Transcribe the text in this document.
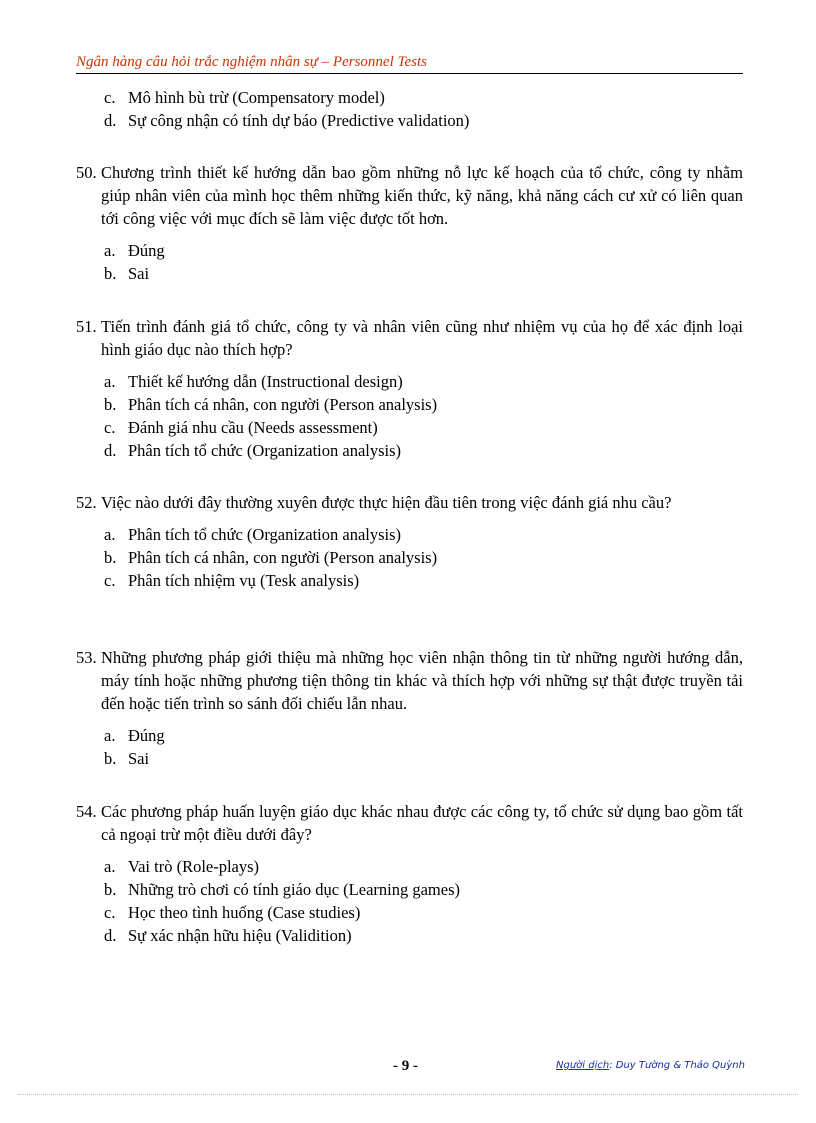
Ngân hàng câu hỏi trắc nghiệm nhân sự – Personnel Tests
c. Mô hình bù trừ (Compensatory model)
d. Sự công nhận có tính dự báo (Predictive validation)
50. Chương trình thiết kế hướng dẫn bao gồm những nỗ lực kế hoạch của tổ chức, công ty nhằm giúp nhân viên của mình học thêm những kiến thức, kỹ năng, khả năng cách cư xử có liên quan tới công việc với mục đích sẽ làm việc được tốt hơn.
a. Đúng
b. Sai
51. Tiến trình đánh giá tổ chức, công ty và nhân viên cũng như nhiệm vụ của họ để xác định loại hình giáo dục nào thích hợp?
a. Thiết kế hướng dẫn (Instructional design)
b. Phân tích cá nhân, con người (Person analysis)
c. Đánh giá nhu cầu (Needs assessment)
d. Phân tích tổ chức (Organization analysis)
52. Việc nào dưới đây thường xuyên được thực hiện đầu tiên trong việc đánh giá nhu cầu?
a. Phân tích tổ chức (Organization analysis)
b. Phân tích cá nhân, con người (Person analysis)
c. Phân tích nhiệm vụ (Tesk analysis)
53. Những phương pháp giới thiệu mà những học viên nhận thông tin từ những người hướng dẫn, máy tính hoặc những phương tiện thông tin khác và thích hợp với những sự thật được truyền tải đến hoặc tiến trình so sánh đối chiếu lẫn nhau.
a. Đúng
b. Sai
54. Các phương pháp huấn luyện giáo dục khác nhau được các công ty, tổ chức sử dụng bao gồm tất cả ngoại trừ một điều dưới đây?
a. Vai trò (Role-plays)
b. Những trò chơi có tính giáo dục (Learning games)
c. Học theo tình huống (Case studies)
d. Sự xác nhận hữu hiệu (Validition)
- 9 -	Người dịch: Duy Tường & Thảo Quỳnh
